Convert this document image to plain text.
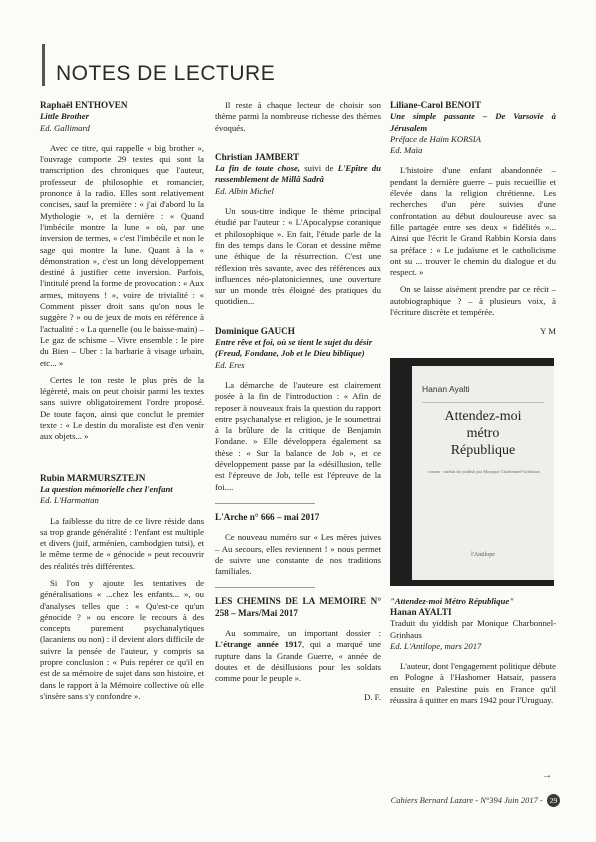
NOTES DE LECTURE
Raphaël ENTHOVEN
Little Brother
Ed. Gallimard

Avec ce titre, qui rappelle « big brother », l'ouvrage comporte 29 textes qui sont la transcription des chroniques que l'auteur, professeur de philosophie et romancier, prononce à la radio. Elles sont relativement concises, sauf la première : « j'ai d'abord lu la Mythologie », et la dernière : « Quand l'imbécile montre la lune » où, par une inversion de termes, « c'est l'imbécile et non le sage qui montre la lune. Quant à la « démonstration », c'est un long développement destiné à justifier cette inversion. Parfois, l'intitulé prend la forme de provocation : « Aux armes, mitoyens ! », voire de trivialité : « Comment pisser droit sans qu'on nous le suggère ? » ou de jeux de mots en référence à l'actualité : « La quenelle (ou le baisse-main) – Le gaz de schisme – Vivre ensemble : le pire du Bien – Uber : la barbarie à visage urbain, etc... »

Certes le ton reste le plus près de la légèreté, mais on peut choisir parmi les textes sans suivre obligatoirement l'ordre proposé. De toute façon, ainsi que conclut le premier texte : « Le destin du moraliste est d'en venir aux objets... »

Rubin MARMURSZTEJN
La question mémorielle chez l'enfant
Ed. L'Harmattan

La faiblesse du titre de ce livre réside dans sa trop grande généralité : l'enfant est multiple et divers (juif, arménien, cambodgien tutsi), et le même terme de « génocide » peut recouvrir des réalités très différentes.

Si l'on y ajoute les tentatives de généralisations « ...chez les enfants... », ou d'analyses telles que : « Qu'est-ce qu'un génocide ? » ou encore le recours à des concepts purement psychanalytiques (lacaniens ou non) : il devient alors difficile de suivre la pensée de l'auteur, y compris sa propre conclusion : « Puis repérer ce qu'il en est de sa mémoire de sujet dans son histoire, et dans le rapport à la Mémoire collective où elle s'insère sans s'y confondre ».

Il reste à chaque lecteur de choisir son thème parmi la nombreuse richesse des thèmes évoqués.

Christian JAMBERT
La fin de toute chose, suivi de L'Epître du rassemblement de Millâ Sadrâ
Ed. Albin Michel

Un sous-titre indique le thème principal étudié par l'auteur : « L'Apocalypse coranique et philosophique ». En fait, l'étude parle de la fin des temps dans le Coran et dessine même une éthique de la résurrection. C'est une réflexion très savante, avec des références aux influences néo-platoniciennes, une ouverture sur un monde très éloigné des pratiques du quotidien...

Dominique GAUCH
Entre rêve et foi, où se tient le sujet du désir
(Freud, Fondane, Job et le Dieu biblique)
Ed. Eres

La démarche de l'auteure est clairement posée à la fin de l'introduction : « Afin de reposer à nouveaux frais la question du rapport entre psychanalyse et religion, je le soumettrai à la brûlure de la critique de Benjamin Fondane. » Elle développera également sa thèse : « Sur la balance de Job », et ce développement passe par la «désillusion, telle est l'épreuve de Job, telle est l'épreuve de la foi....

L'Arche n° 666 – mai 2017

Ce nouveau numéro sur « Les mères juives – Au secours, elles reviennent ! » nous permet de suivre une constante de nos traditions familiales.

LES CHEMINS DE LA MEMOIRE N° 258 – Mars/Mai 2017

Au sommaire, un important dossier : L'étrange année 1917, qui a marqué une rupture dans la Grande Guerre, « année de doutes et de désillusions pour les soldats comme pour le peuple ».

D. F.
Liliane-Carol BENOIT
Une simple passante – De Varsovie à Jérusalem
Préface de Haïm KORSIA
Ed. Maïa

L'histoire d'une enfant abandonnée – pendant la dernière guerre – puis recueillie et élevée dans la religion chrétienne. Les recherches d'un père suivies d'une confrontation au début douloureuse avec sa fille partagée entre ses deux « fidélités »... Ainsi que l'écrit le Grand Rabbin Korsia dans sa préface : « Le judaïsme et le catholicisme ont su ... trouver le chemin du dialogue et du respect. »

On se laisse aisément prendre par ce récit – autobiographique ? – à plusieurs voix, à l'écriture discrète et tempérée.

Y M
Hanan Ayalti
Attendez-moi
métro
République
roman · traduit du yiddish par Monique Charbonnel-Grinhaus
l'Antilope
"Attendez-moi Métro République"
Hanan AYALTI
Traduit du yiddish par Monique Charbonnel-Grinhaus
Ed. L'Antilope, mars 2017

L'auteur, dont l'engagement politique débute en Pologne à l'Hashomer Hatsair, passera ensuite en Palestine puis en France qu'il réussira à quitter en mars 1942 pour l'Uruguay.

→
Cahiers Bernard Lazare - N°394 Juin 2017 - 29
